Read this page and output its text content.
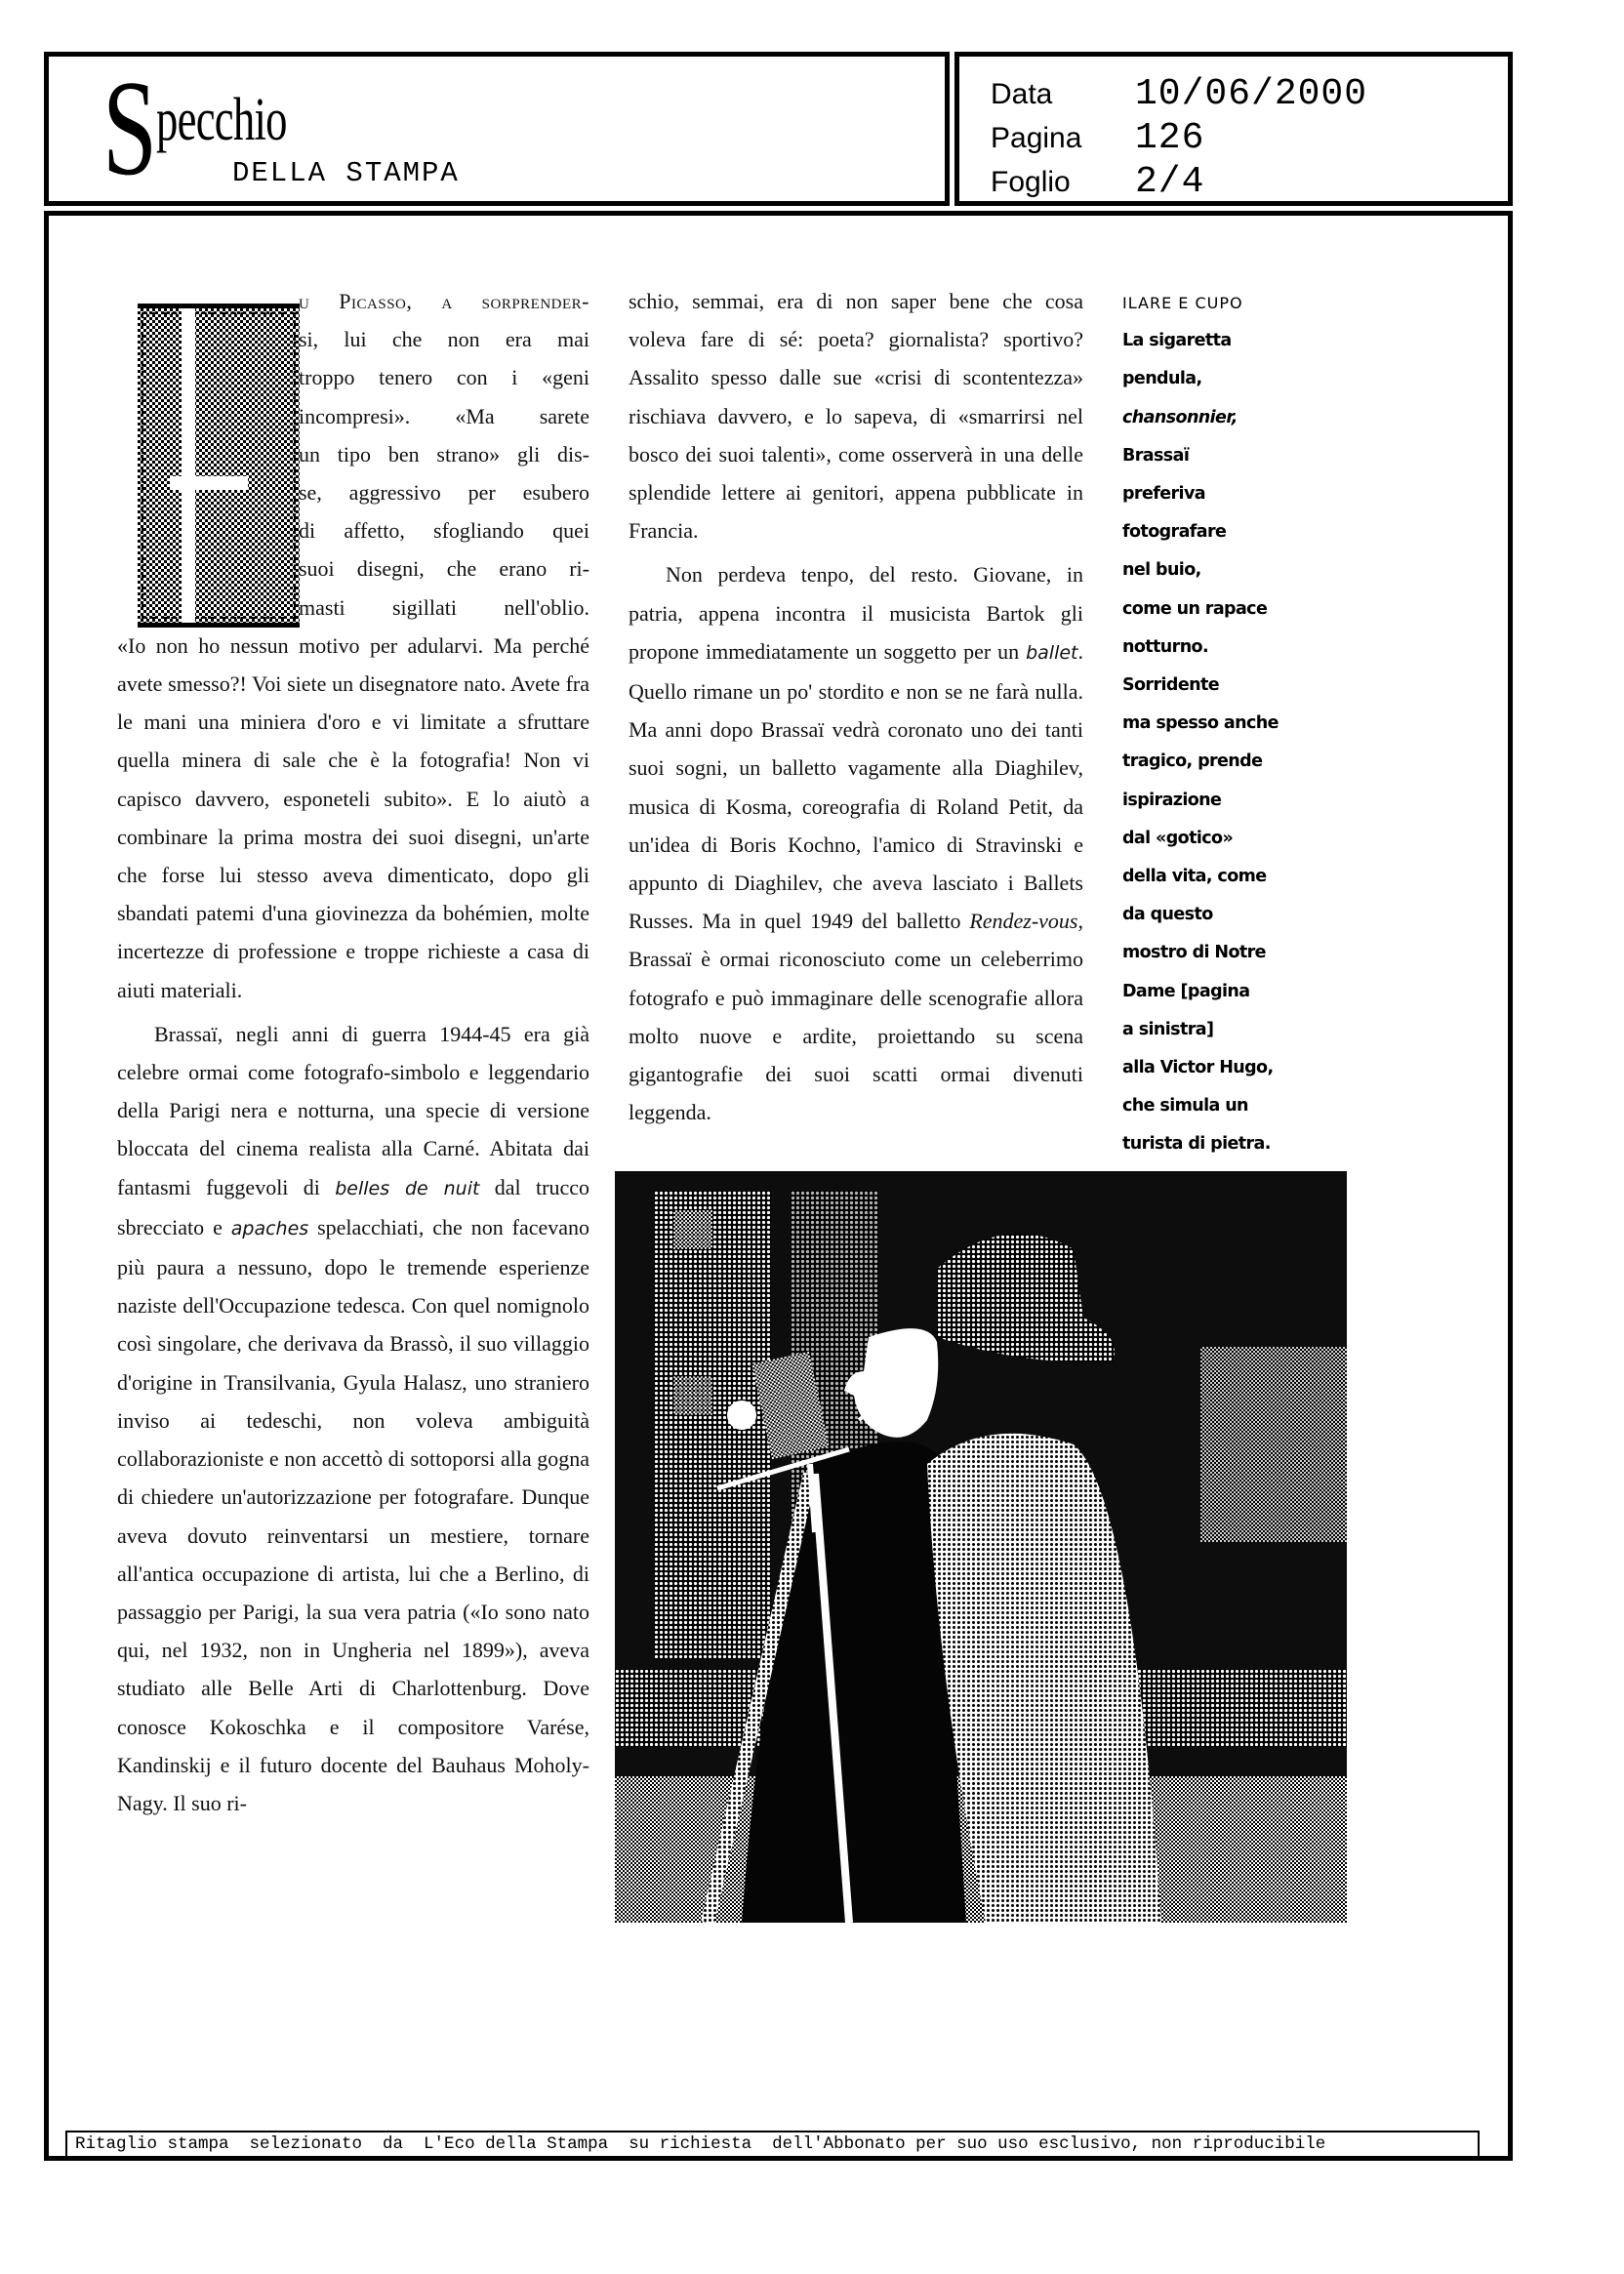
S
pecchio
DELLA STAMPA
Data	10/06/2000
Pagina	126
Foglio	2/4
u Picasso, a sorprender-
si, lui che non era mai
troppo tenero con i «geni
incompresi». «Ma sarete
un tipo ben strano» gli dis-
se, aggressivo per esubero
di affetto, sfogliando quei
suoi disegni, che erano ri-
masti sigillati nell'oblio.

«Io non ho nessun motivo per adularvi. Ma perché avete smesso?! Voi siete un disegnatore nato. Avete fra le mani una miniera d'oro e vi limitate a sfruttare quella minera di sale che è la fotografia! Non vi capisco davvero, esponeteli subito». E lo aiutò a combinare la prima mostra dei suoi disegni, un'arte che forse lui stesso aveva dimenticato, dopo gli sbandati patemi d'una giovinezza da bohémien, molte incertezze di professione e troppe richieste a casa di aiuti materiali.

Brassaï, negli anni di guerra 1944-45 era già celebre ormai come fotografo-simbolo e leggendario della Parigi nera e notturna, una specie di versione bloccata del cinema realista alla Carné. Abitata dai fantasmi fuggevoli di belles de nuit dal trucco sbrecciato e apaches spelacchiati, che non facevano più paura a nessuno, dopo le tremende esperienze naziste dell'Occupazione tedesca. Con quel nomignolo così singolare, che derivava da Brassò, il suo villaggio d'origine in Transilvania, Gyula Halasz, uno straniero inviso ai tedeschi, non voleva ambiguità collaborazioniste e non accettò di sottoporsi alla gogna di chiedere un'autorizzazione per fotografare. Dunque aveva dovuto reinventarsi un mestiere, tornare all'antica occupazione di artista, lui che a Berlino, di passaggio per Parigi, la sua vera patria («Io sono nato qui, nel 1932, non in Ungheria nel 1899»), aveva studiato alle Belle Arti di Charlottenburg. Dove conosce Kokoschka e il compositore Varése, Kandinskij e il futuro docente del Bauhaus Moholy-Nagy. Il suo ri-

schio, semmai, era di non saper bene che cosa voleva fare di sé: poeta? giornalista? sportivo? Assalito spesso dalle sue «crisi di scontentezza» rischiava davvero, e lo sapeva, di «smarrirsi nel bosco dei suoi talenti», come osserverà in una delle splendide lettere ai genitori, appena pubblicate in Francia.

Non perdeva tenpo, del resto. Giovane, in patria, appena incontra il musicista Bartok gli propone immediatamente un soggetto per un ballet. Quello rimane un po' stordito e non se ne farà nulla. Ma anni dopo Brassaï vedrà coronato uno dei tanti suoi sogni, un balletto vagamente alla Diaghilev, musica di Kosma, coreografia di Roland Petit, da un'idea di Boris Kochno, l'amico di Stravinski e appunto di Diaghilev, che aveva lasciato i Ballets Russes. Ma in quel 1949 del balletto Rendez-vous, Brassaï è ormai riconosciuto come un celeberrimo fotografo e può immaginare delle scenografie allora molto nuove e ardite, proiettando su scena gigantografie dei suoi scatti ormai divenuti leggenda.

ILARE E CUPO
La sigaretta
pendula,
chansonnier,
Brassaï
preferiva
fotografare
nel buio,
come un rapace
notturno.
Sorridente
ma spesso anche
tragico, prende
ispirazione
dal «gotico»
della vita, come
da questo
mostro di Notre
Dame [pagina
a sinistra]
alla Victor Hugo,
che simula un
turista di pietra.
Ritaglio stampa  selezionato  da  L'Eco della Stampa  su richiesta  dell'Abbonato per suo uso esclusivo, non riproducibile
